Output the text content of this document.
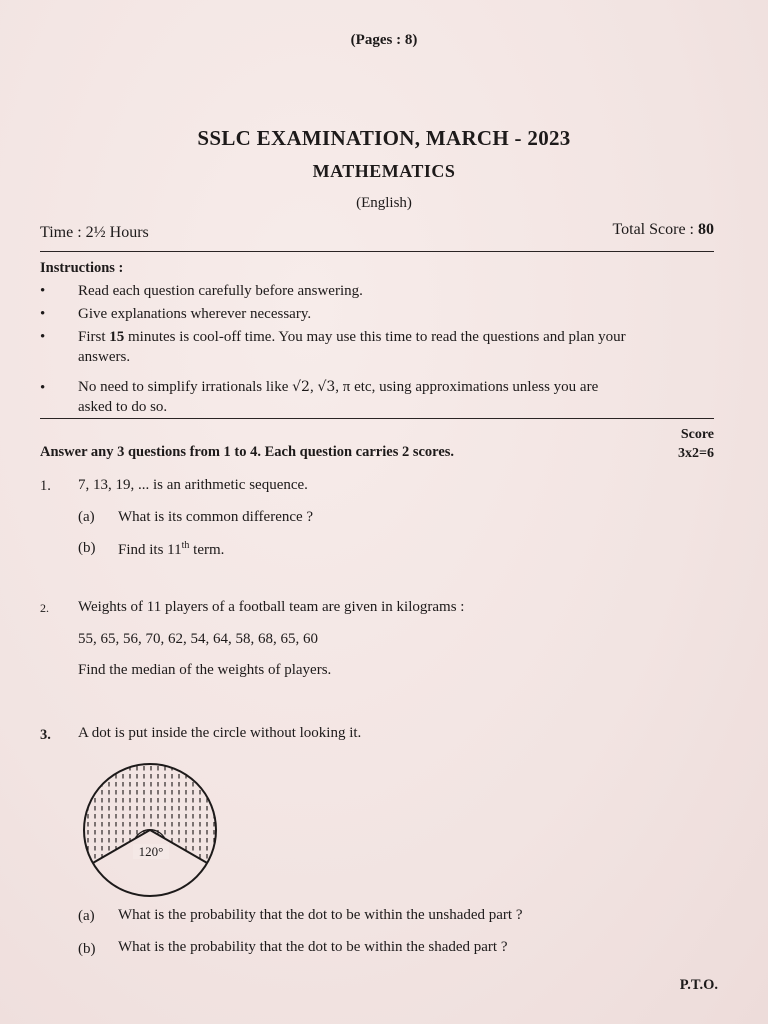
(Pages : 8)
SSLC EXAMINATION, MARCH - 2023
MATHEMATICS
(English)
Time : 2½ Hours	Total Score : 80
Instructions :
• Read each question carefully before answering.
• Give explanations wherever necessary.
• First 15 minutes is cool-off time. You may use this time to read the questions and plan your
answers.
• No need to simplify irrationals like √2, √3, π etc, using approximations unless you are
asked to do so.
Score
3x2=6
Answer any 3 questions from 1 to 4. Each question carries 2 scores.
1. 7, 13, 19, ... is an arithmetic sequence.
(a) What is its common difference ?
(b) Find its 11th term.
2. Weights of 11 players of a football team are given in kilograms :
55, 65, 56, 70, 62, 54, 64, 58, 68, 65, 60
Find the median of the weights of players.
3. A dot is put inside the circle without looking it.
120°
(a) What is the probability that the dot to be within the unshaded part ?
(b) What is the probability that the dot to be within the shaded part ?
P.T.O.
